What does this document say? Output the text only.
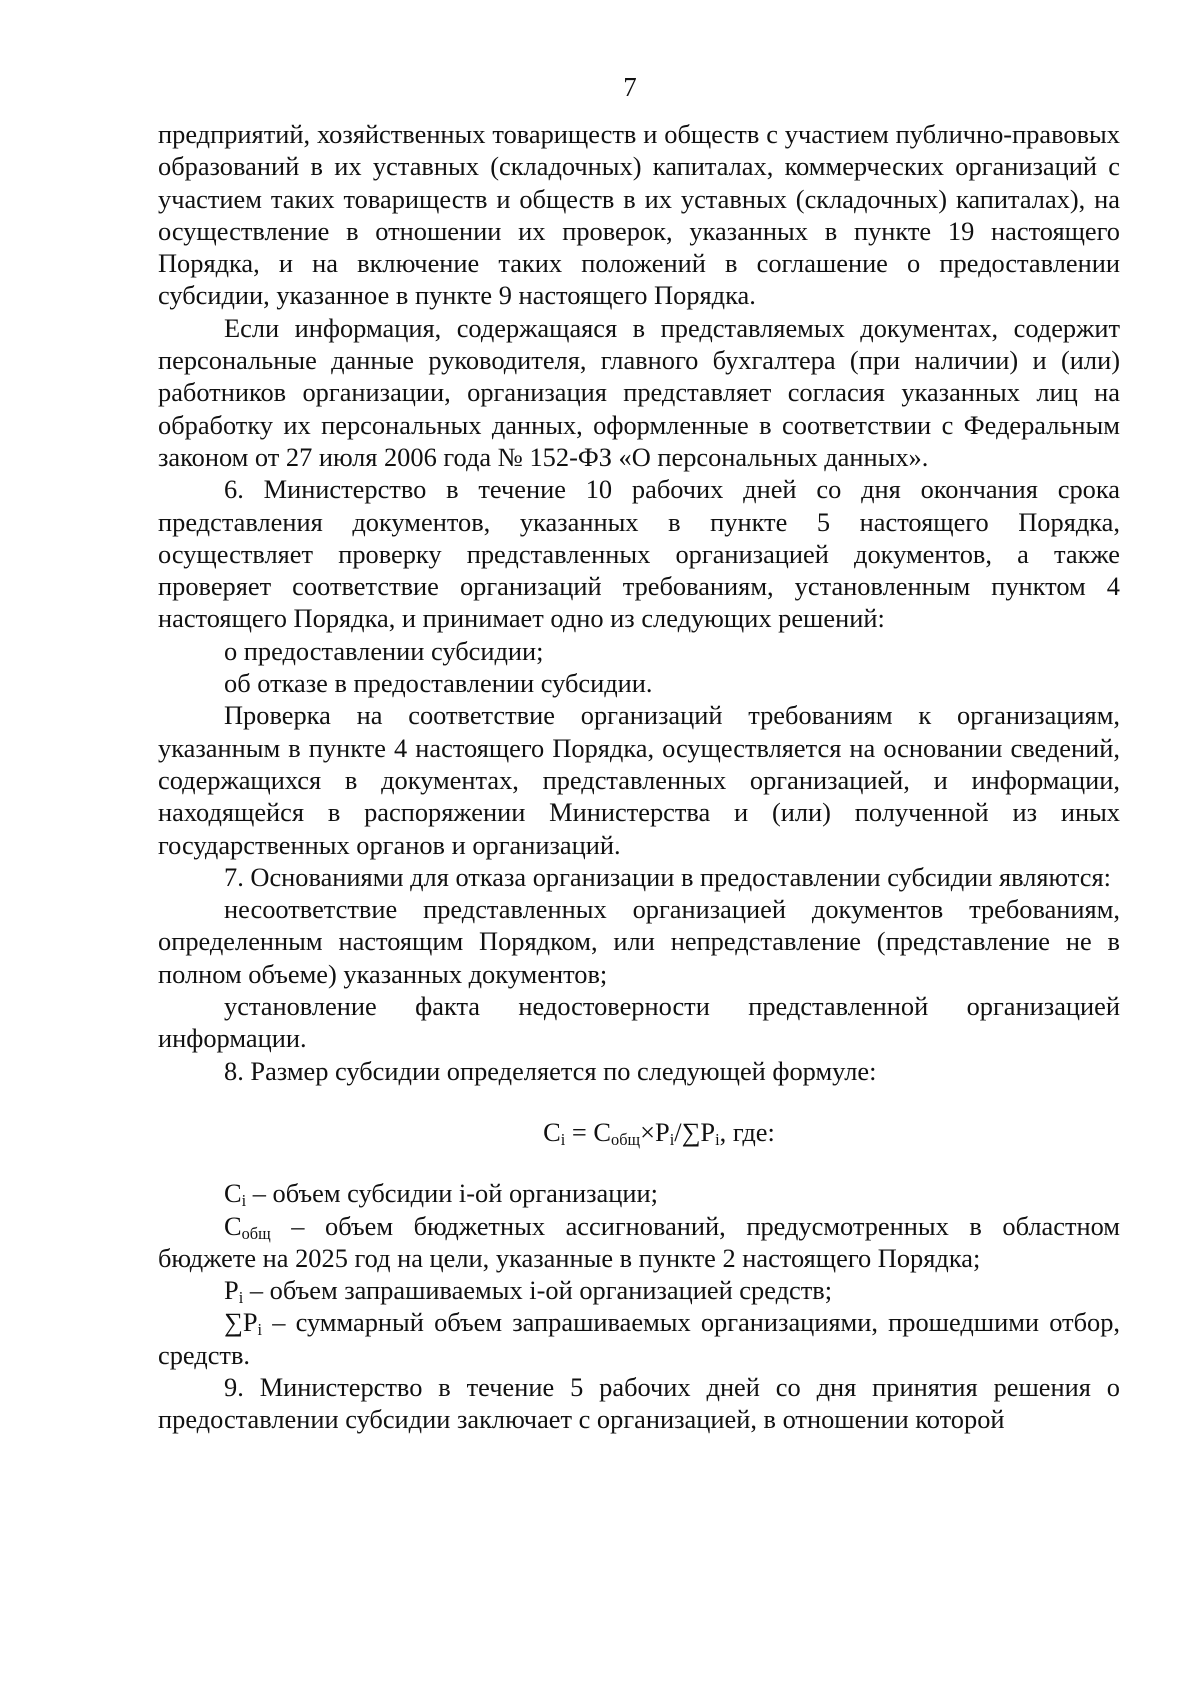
7

предприятий, хозяйственных товариществ и обществ с участием публично-правовых образований в их уставных (складочных) капиталах, коммерческих организаций с участием таких товариществ и обществ в их уставных (складочных) капиталах), на осуществление в отношении их проверок, указанных в пункте 19 настоящего Порядка, и на включение таких положений в соглашение о предоставлении субсидии, указанное в пункте 9 настоящего Порядка.

Если информация, содержащаяся в представляемых документах, содержит персональные данные руководителя, главного бухгалтера (при наличии) и (или) работников организации, организация представляет согласия указанных лиц на обработку их персональных данных, оформленные в соответствии с Федеральным законом от 27 июля 2006 года № 152-ФЗ «О персональных данных».

6. Министерство в течение 10 рабочих дней со дня окончания срока представления документов, указанных в пункте 5 настоящего Порядка, осуществляет проверку представленных организацией документов, а также проверяет соответствие организаций требованиям, установленным пунктом 4 настоящего Порядка, и принимает одно из следующих решений:

о предоставлении субсидии;

об отказе в предоставлении субсидии.

Проверка на соответствие организаций требованиям к организациям, указанным в пункте 4 настоящего Порядка, осуществляется на основании сведений, содержащихся в документах, представленных организацией, и информации, находящейся в распоряжении Министерства и (или) полученной из иных государственных органов и организаций.

7. Основаниями для отказа организации в предоставлении субсидии являются:

несоответствие представленных организацией документов требованиям, определенным настоящим Порядком, или непредставление (представление не в полном объеме) указанных документов;

установление факта недостоверности представленной организацией информации.

8. Размер субсидии определяется по следующей формуле:

$C_i = C_{общ}\times P_i/\sum P_i$, где:

$C_i$ – объем субсидии i-ой организации;

$C_{общ}$ – объем бюджетных ассигнований, предусмотренных в областном бюджете на 2025 год на цели, указанные в пункте 2 настоящего Порядка;

$P_i$ – объем запрашиваемых i-ой организацией средств;

$\sum P_i$ – суммарный объем запрашиваемых организациями, прошедшими отбор, средств.

9. Министерство в течение 5 рабочих дней со дня принятия решения о предоставлении субсидии заключает с организацией, в отношении которой
